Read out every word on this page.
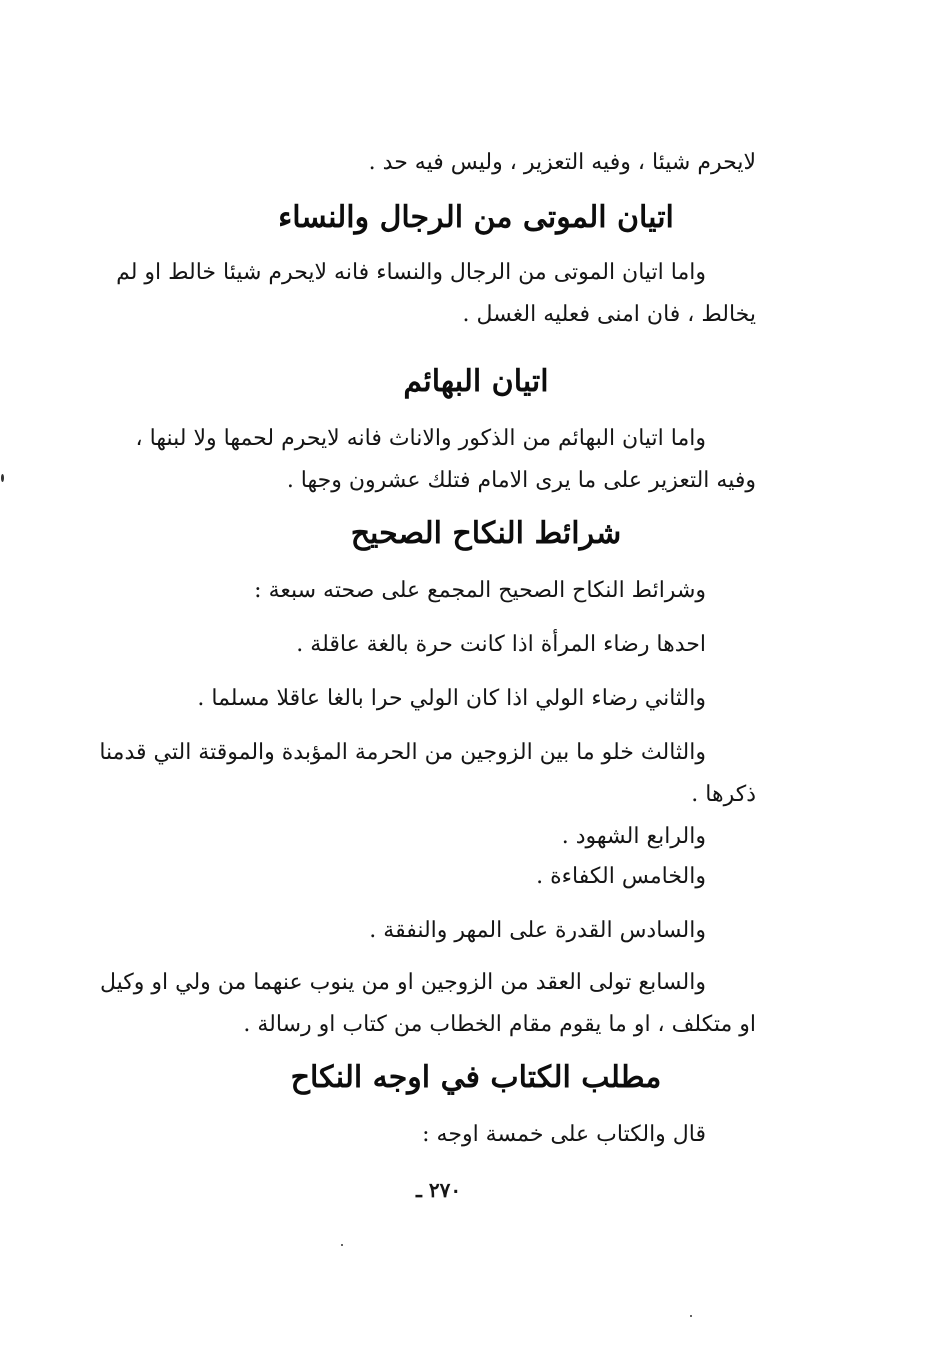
لايحرم شيئا ، وفيه التعزير ، وليس فيه حد .
اتيان الموتى من الرجال والنساء
واما اتيان الموتى من الرجال والنساء فانه لايحرم شيئا خالط او لم
يخالط ، فان امنى فعليه الغسل .
اتيان البهائم
واما اتيان البهائم من الذكور والاناث فانه لايحرم لحمها ولا لبنها ،
وفيه التعزير على ما يرى الامام فتلك عشرون وجها .
شرائط النكاح الصحيح
وشرائط النكاح الصحيح المجمع على صحته سبعة :
احدها رضاء المرأة اذا كانت حرة بالغة عاقلة .
والثاني رضاء الولي اذا كان الولي حرا بالغا عاقلا مسلما .
والثالث خلو ما بين الزوجين من الحرمة المؤبدة والموقتة التي قدمنا
ذكرها .
والرابع الشهود .
والخامس الكفاءة .
والسادس القدرة على المهر والنفقة .
والسابع تولى العقد من الزوجين او من ينوب عنهما من ولي او وكيل
او متكلف ، او ما يقوم مقام الخطاب من كتاب او رسالة .
مطلب الكتاب في اوجه النكاح
قال والكتاب على خمسة اوجه :
٢٧٠ ـ
